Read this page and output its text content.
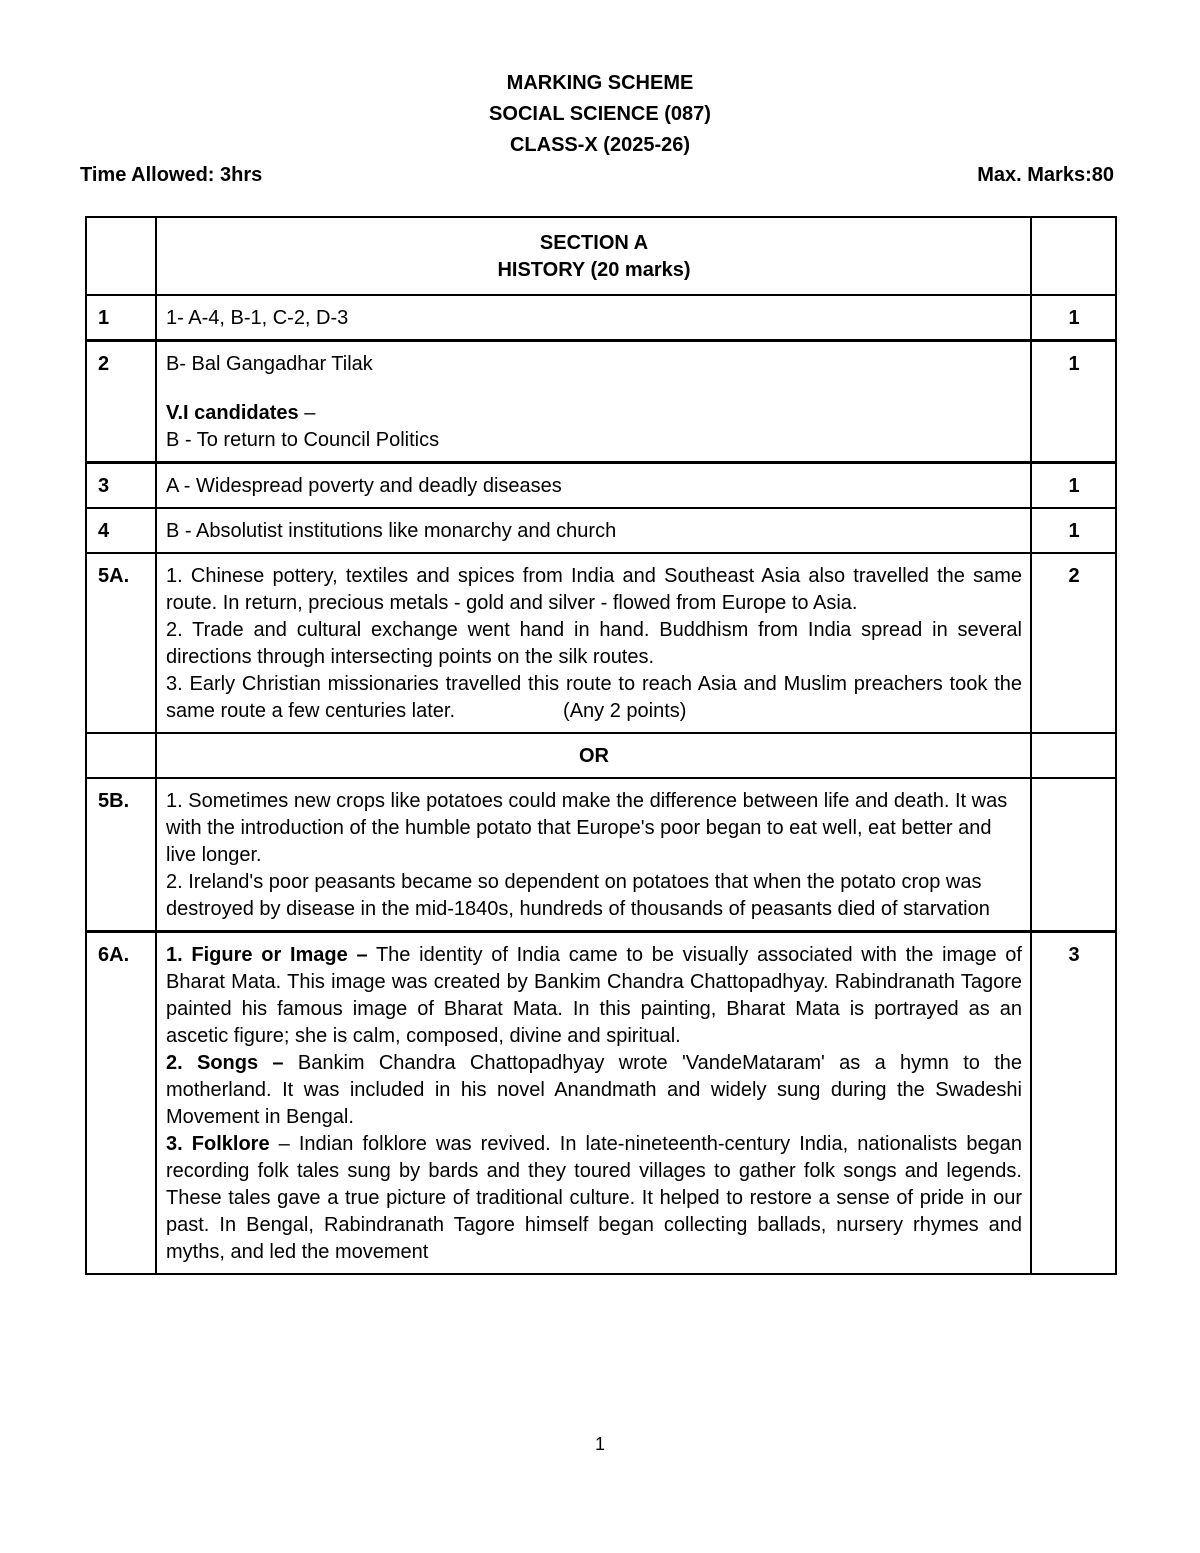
MARKING SCHEME
SOCIAL SCIENCE (087)
CLASS-X (2025-26)
Time Allowed: 3hrs	Max. Marks:80

	SECTION A
HISTORY (20 marks)	

1	1- A-4, B-1, C-2, D-3	1
2	B- Bal Gangadhar Tilak
V.I candidates –
B - To return to Council Politics	1
3	A - Widespread poverty and deadly diseases	1
4	B - Absolutist institutions like monarchy and church	1
5A.	1. Chinese pottery, textiles and spices from India and Southeast Asia also travelled the same route. In return, precious metals - gold and silver - flowed from Europe to Asia.
2. Trade and cultural exchange went hand in hand. Buddhism from India spread in several directions through intersecting points on the silk routes.
3. Early Christian missionaries travelled this route to reach Asia and Muslim preachers took the same route a few centuries later. (Any 2 points)	2
	OR	
5B.	1. Sometimes new crops like potatoes could make the difference between life and death. It was with the introduction of the humble potato that Europe's poor began to eat well, eat better and live longer.
2. Ireland's poor peasants became so dependent on potatoes that when the potato crop was destroyed by disease in the mid-1840s, hundreds of thousands of peasants died of starvation	

6A.	1. Figure or Image – The identity of India came to be visually associated with the image of Bharat Mata. This image was created by Bankim Chandra Chattopadhyay. Rabindranath Tagore painted his famous image of Bharat Mata. In this painting, Bharat Mata is portrayed as an ascetic figure; she is calm, composed, divine and spiritual.
2. Songs – Bankim Chandra Chattopadhyay wrote 'VandeMataram' as a hymn to the motherland. It was included in his novel Anandmath and widely sung during the Swadeshi Movement in Bengal.
3. Folklore – Indian folklore was revived. In late-nineteenth-century India, nationalists began recording folk tales sung by bards and they toured villages to gather folk songs and legends. These tales gave a true picture of traditional culture. It helped to restore a sense of pride in our past. In Bengal, Rabindranath Tagore himself began collecting ballads, nursery rhymes and myths, and led the movement	3
1
